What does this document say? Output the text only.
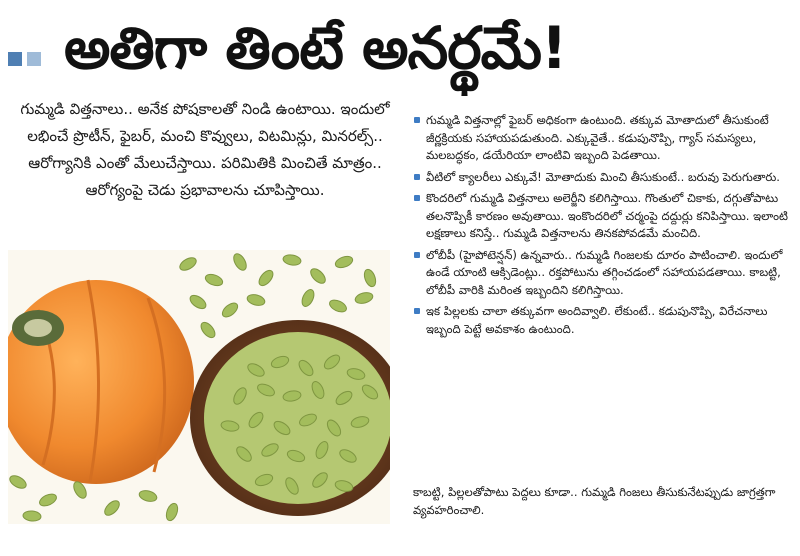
అతిగా తింటే అనర్థమే!
గుమ్మడి విత్తనాలు.. అనేక పోషకాలతో నిండి ఉంటాయి. ఇందులో లభించే ప్రొటీన్, ఫైబర్, మంచి కొవ్వులు, విటమిన్లు, మినరల్స్.. ఆరోగ్యానికి ఎంతో మేలుచేస్తాయి. పరిమితికి మించితే మాత్రం.. ఆరోగ్యంపై చెడు ప్రభావాలను చూపిస్తాయి.
గుమ్మడి విత్తనాల్లో ఫైబర్ అధికంగా ఉంటుంది. తక్కువ మోతాదులో తీసుకుంటే జీర్ణక్రియకు సహాయపడుతుంది. ఎక్కువైతే.. కడుపునొప్పి, గ్యాస్ సమస్యలు, మలబద్ధకం, డయేరియా లాంటివి ఇబ్బంది పెడతాయి.
వీటిలో క్యాలరీలు ఎక్కువే! మోతాదుకు మించి తీసుకుంటే.. బరువు పెరుగుతారు.
కొందరిలో గుమ్మడి విత్తనాలు అలెర్జీని కలిగిస్తాయి. గొంతులో చికాకు, దగ్గుతోపాటు తలనొప్పికీ కారణం అవుతాయి. ఇంకొందరిలో చర్మంపై దద్దుర్లు కనిపిస్తాయి. ఇలాంటి లక్షణాలు కనిస్తే.. గుమ్మడి విత్తనాలను తినకపోవడమే మంచిది.
లోబీపీ (హైపోటెన్షన్) ఉన్నవారు.. గుమ్మడి గింజలకు దూరం పాటించాలి. ఇందులో ఉండే యాంటి ఆక్సిడెంట్లు.. రక్తపోటును తగ్గించడంలో సహాయపడతాయి. కాబట్టి, లోబీపీ వారికి మరింత ఇబ్బందిని కలిగిస్తాయి.
ఇక పిల్లలకు చాలా తక్కువగా అందివ్వాలి. లేకుంటే.. కడుపునొప్పి, విరేచనాలు ఇబ్బంది పెట్టే అవకాశం ఉంటుంది.
కాబట్టి, పిల్లలతోపాటు పెద్దలు కూడా.. గుమ్మడి గింజలు తీసుకునేటప్పుడు జాగ్రత్తగా వ్యవహరించాలి.
